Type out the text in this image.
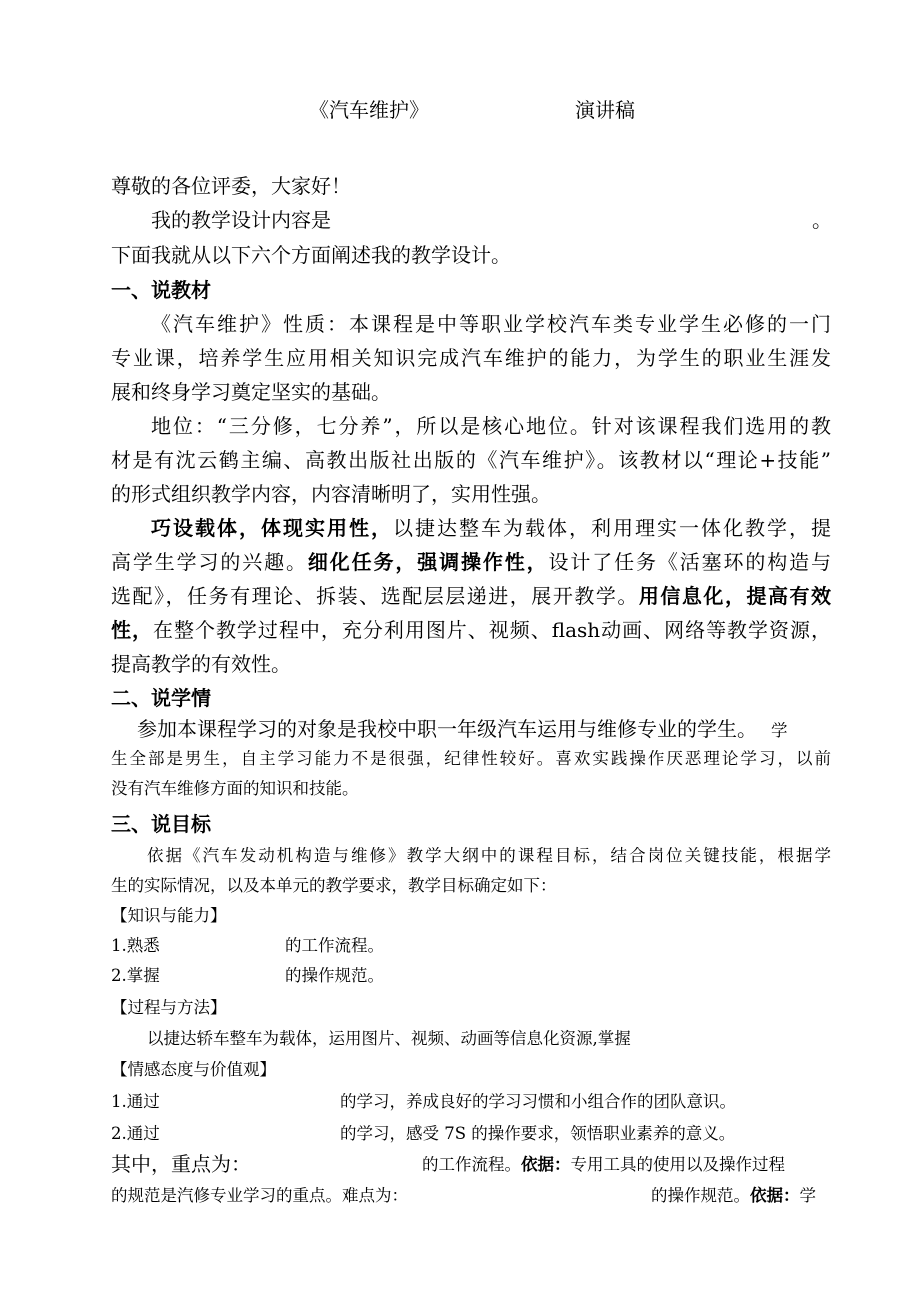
《汽车维护》	演讲稿
尊敬的各位评委，大家好！
我的教学设计内容是	。
下面我就从以下六个方面阐述我的教学设计。
一、说教材
《汽车维护》性质：本课程是中等职业学校汽车类专业学生必修的一门
专业课，培养学生应用相关知识完成汽车维护的能力，为学生的职业生涯发
展和终身学习奠定坚实的基础。
地位：“三分修，七分养”，所以是核心地位。针对该课程我们选用的教
材是有沈云鹤主编、高教出版社出版的《汽车维护》。该教材以“理论+技能”
的形式组织教学内容，内容清晰明了，实用性强。
巧设载体，体现实用性，以捷达整车为载体，利用理实一体化教学，提
高学生学习的兴趣。细化任务，强调操作性，设计了任务《活塞环的构造与
选配》，任务有理论、拆装、选配层层递进，展开教学。用信息化，提高有效
性，在整个教学过程中，充分利用图片、视频、flash动画、网络等教学资源，
提高教学的有效性。
二、说学情
参加本课程学习的对象是我校中职一年级汽车运用与维修专业的学生。 学
生全部是男生，自主学习能力不是很强，纪律性较好。喜欢实践操作厌恶理论学习，以前
没有汽车维修方面的知识和技能。
三、说目标
依据《汽车发动机构造与维修》教学大纲中的课程目标，结合岗位关键技能，根据学
生的实际情况，以及本单元的教学要求，教学目标确定如下：
【知识与能力】
1.熟悉	的工作流程。
2.掌握	的操作规范。
【过程与方法】
以捷达轿车整车为载体，运用图片、视频、动画等信息化资源,掌握
【情感态度与价值观】
1.通过	的学习，养成良好的学习习惯和小组合作的团队意识。
2.通过	的学习，感受 7S 的操作要求，领悟职业素养的意义。
其中，重点为：	的工作流程。依据：专用工具的使用以及操作过程
的规范是汽修专业学习的重点。难点为：	的操作规范。依据：学
